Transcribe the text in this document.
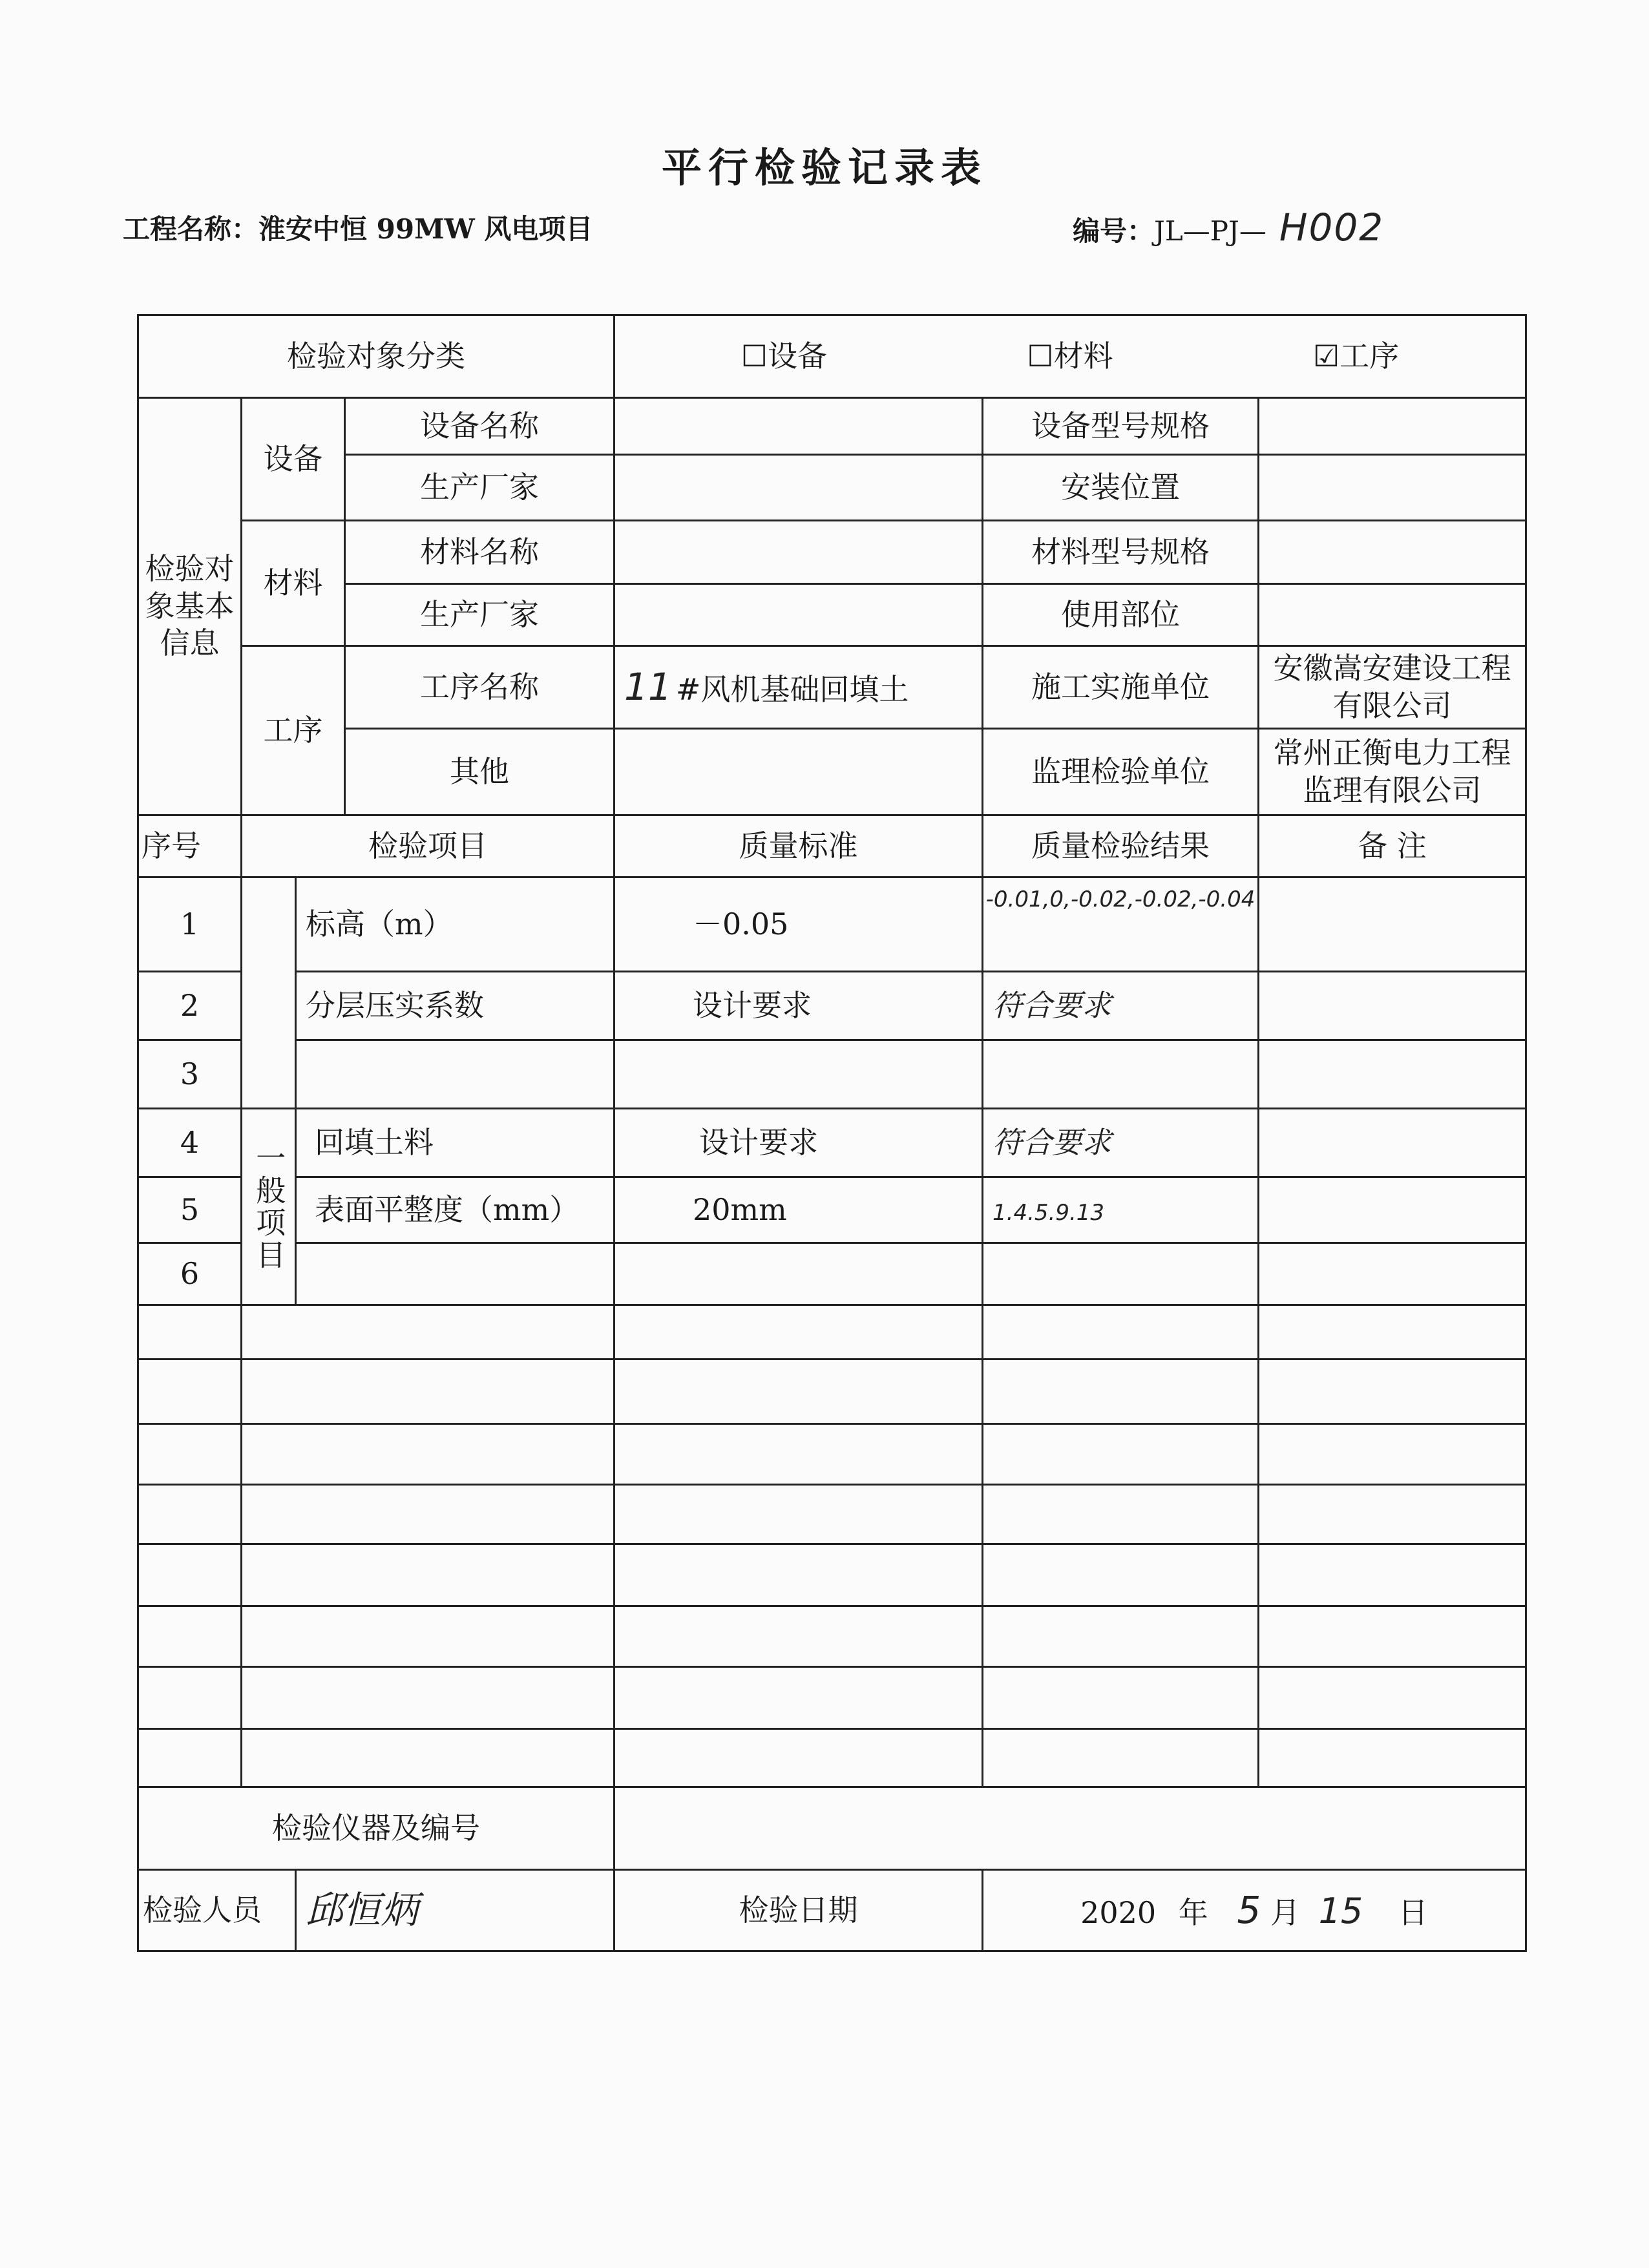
平行检验记录表
工程名称：淮安中恒 99MW 风电项目	编号：JL—PJ— H002
检验对象分类				☐设备 ☐材料 ☑工序		

检验对象基本信息	设备		设备名称		设备型号规格	
			生产厂家		安装位置	
	材料		材料名称		材料型号规格	
			生产厂家		使用部位	
	工序		工序名称	11 #风机基础回填土	施工实施单位	安徽嵩安建设工程有限公司
			其他		监理检验单位	常州正衡电力工程监理有限公司
序号	检验项目			质量标准	质量检验结果	备 注
1		标高（m）		－0.05	-0.01,0,-0.02,-0.02,-0.04	
2		分层压实系数		设计要求	符合要求	
3						
4	一般项目	回填土料		设计要求	符合要求	
5		表面平整度（mm）		20mm	1.4.5.9.13	
6						

检验仪器及编号						
检验人员		邱恒炳		检验日期	2020 年 5 月 15 日	
